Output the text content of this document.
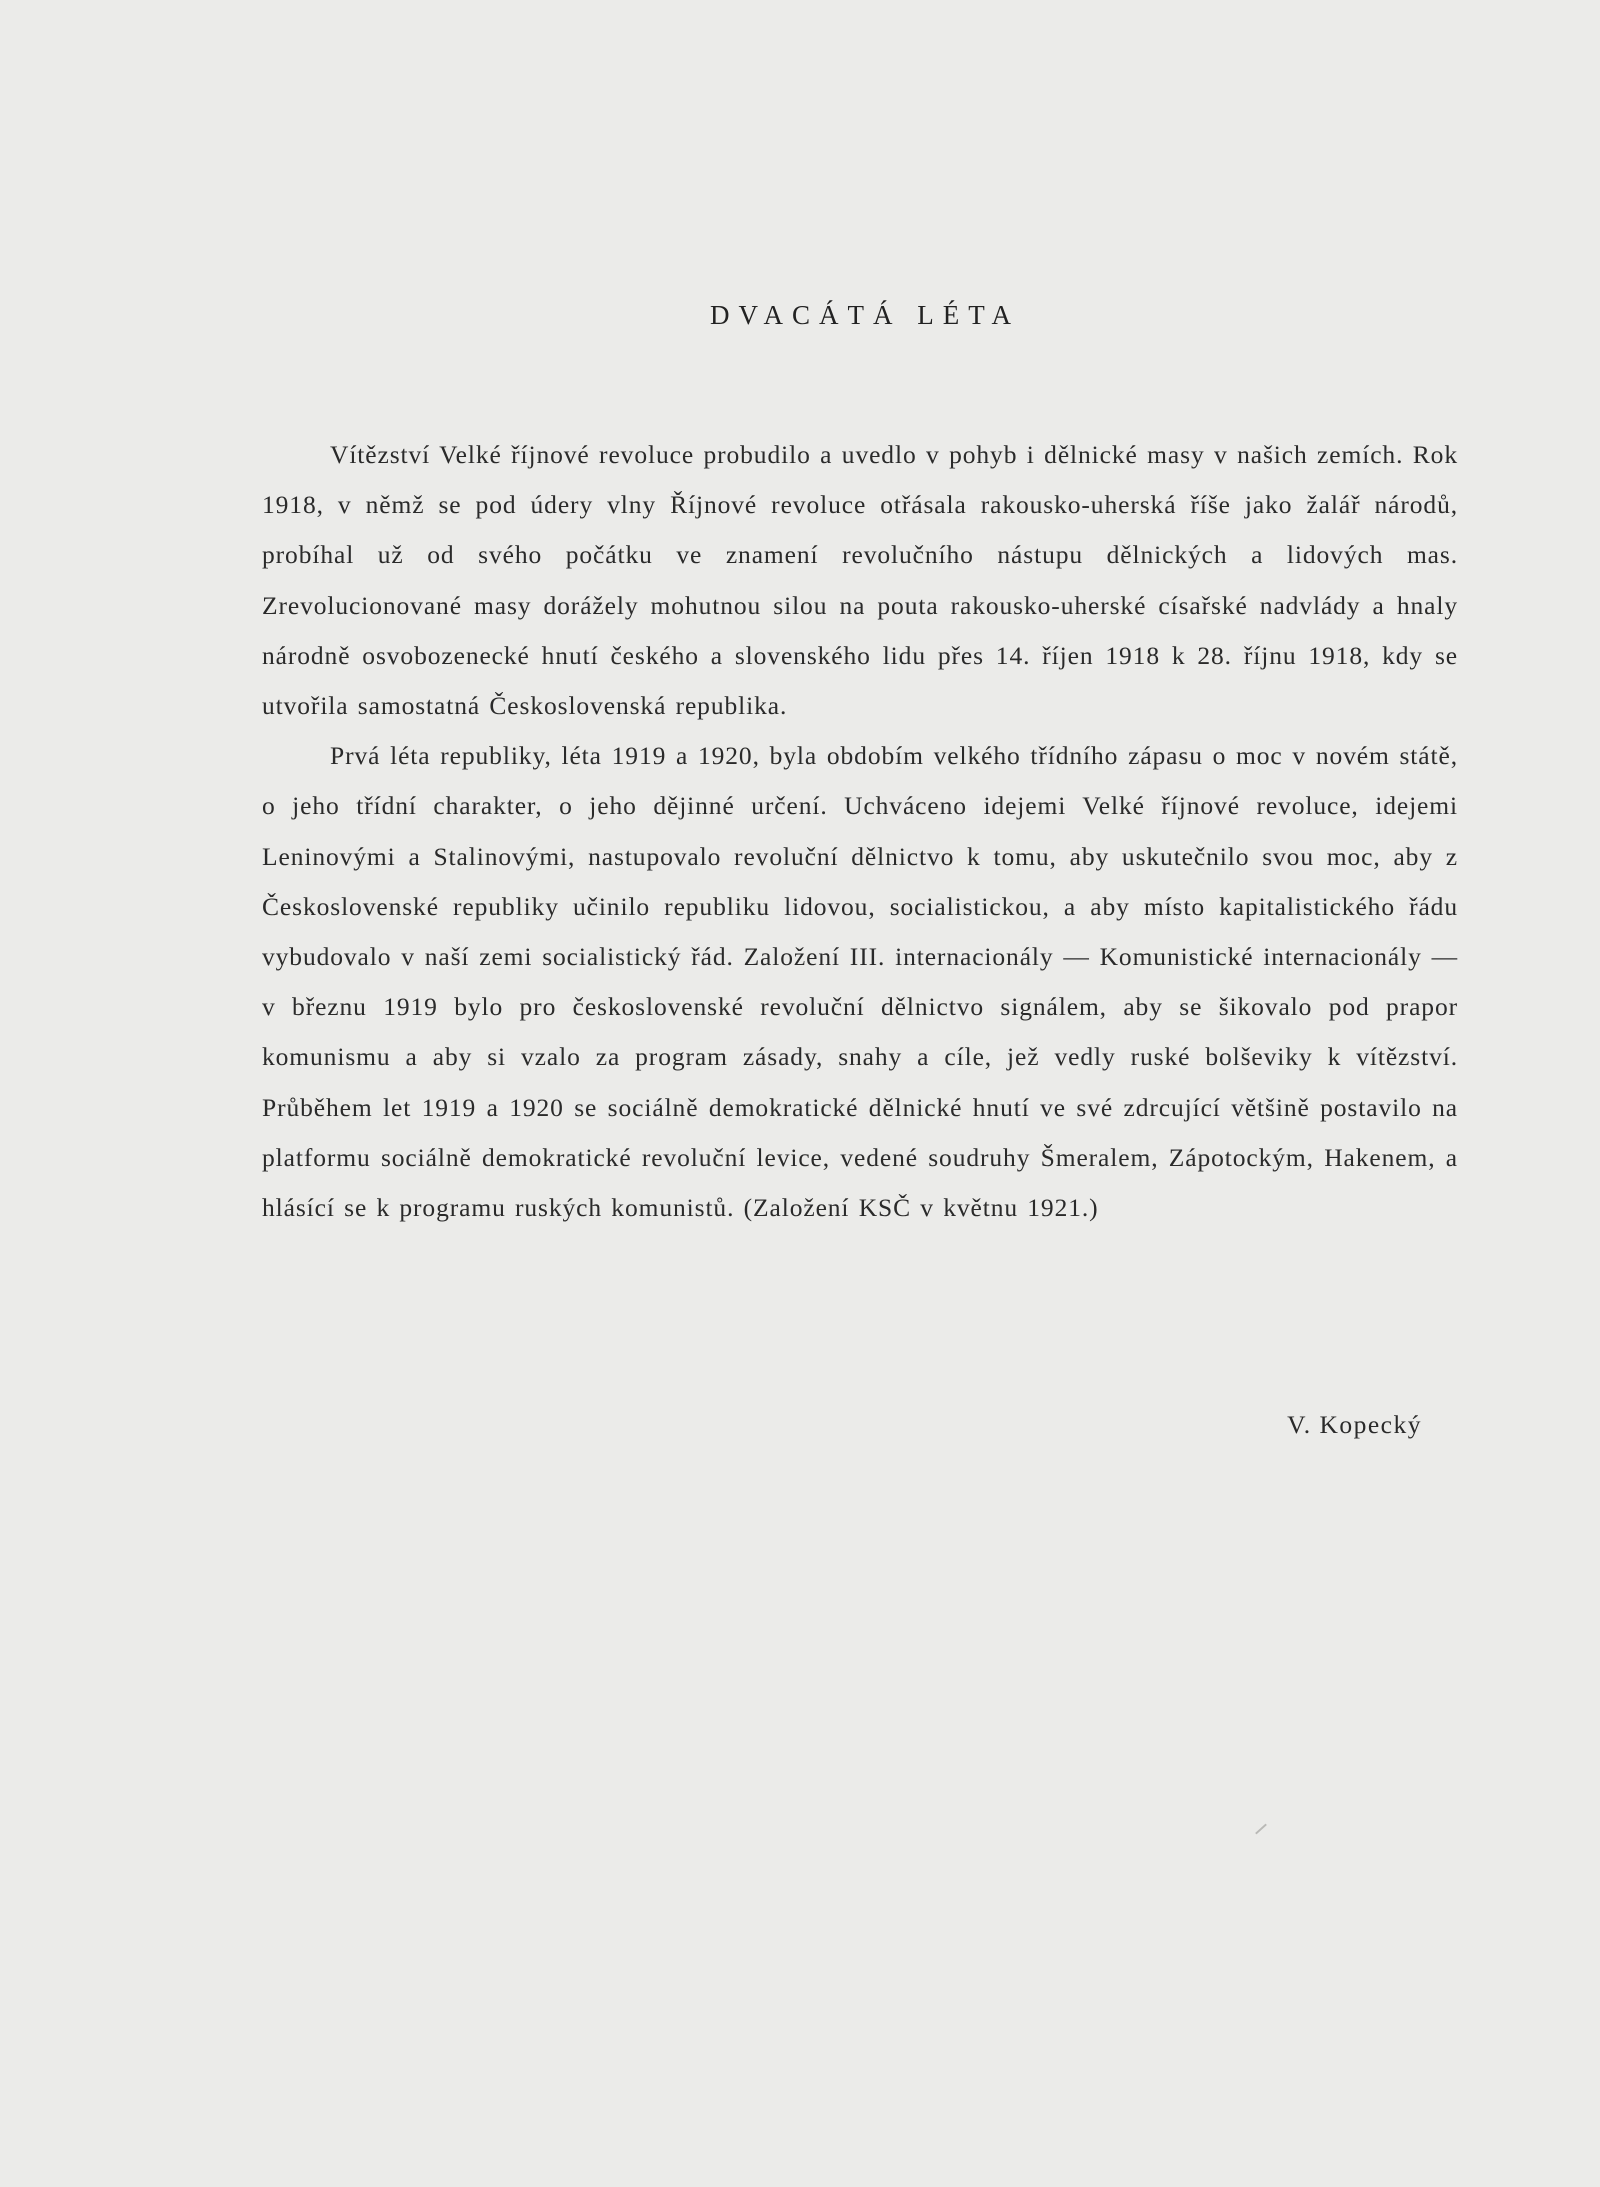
DVACÁTÁ LÉTA

Vítězství Velké říjnové revoluce probudilo a uvedlo v pohyb i dělnické masy v našich zemích. Rok 1918, v němž se pod údery vlny Říjnové revoluce otřásala rakousko-uherská říše jako žalář národů, probíhal už od svého počátku ve znamení revolučního nástupu dělnických a lidových mas. Zrevolucionované masy dorážely mohutnou silou na pouta rakousko-uherské císařské nadvlády a hnaly národně osvobozenecké hnutí českého a slovenského lidu přes 14. říjen 1918 k 28. říjnu 1918, kdy se utvořila samostatná Československá republika.

Prvá léta republiky, léta 1919 a 1920, byla obdobím velkého třídního zápasu o moc v novém státě, o jeho třídní charakter, o jeho dějinné určení. Uchváceno idejemi Velké říjnové revoluce, idejemi Leninovými a Stalinovými, nastupovalo revoluční dělnictvo k tomu, aby uskutečnilo svou moc, aby z Československé republiky učinilo republiku lidovou, socialistickou, a aby místo kapitalistického řádu vybudovalo v naší zemi socialistický řád. Založení III. internacionály — Komunistické internacionály — v březnu 1919 bylo pro československé revoluční dělnictvo signálem, aby se šikovalo pod prapor komunismu a aby si vzalo za program zásady, snahy a cíle, jež vedly ruské bolševiky k vítězství. Průběhem let 1919 a 1920 se sociálně demokratické dělnické hnutí ve své zdrcující většině postavilo na platformu sociálně demokratické revoluční levice, vedené soudruhy Šmeralem, Zápotockým, Hakenem, a hlásící se k programu ruských komunistů. (Založení KSČ v květnu 1921.)

V. Kopecký
